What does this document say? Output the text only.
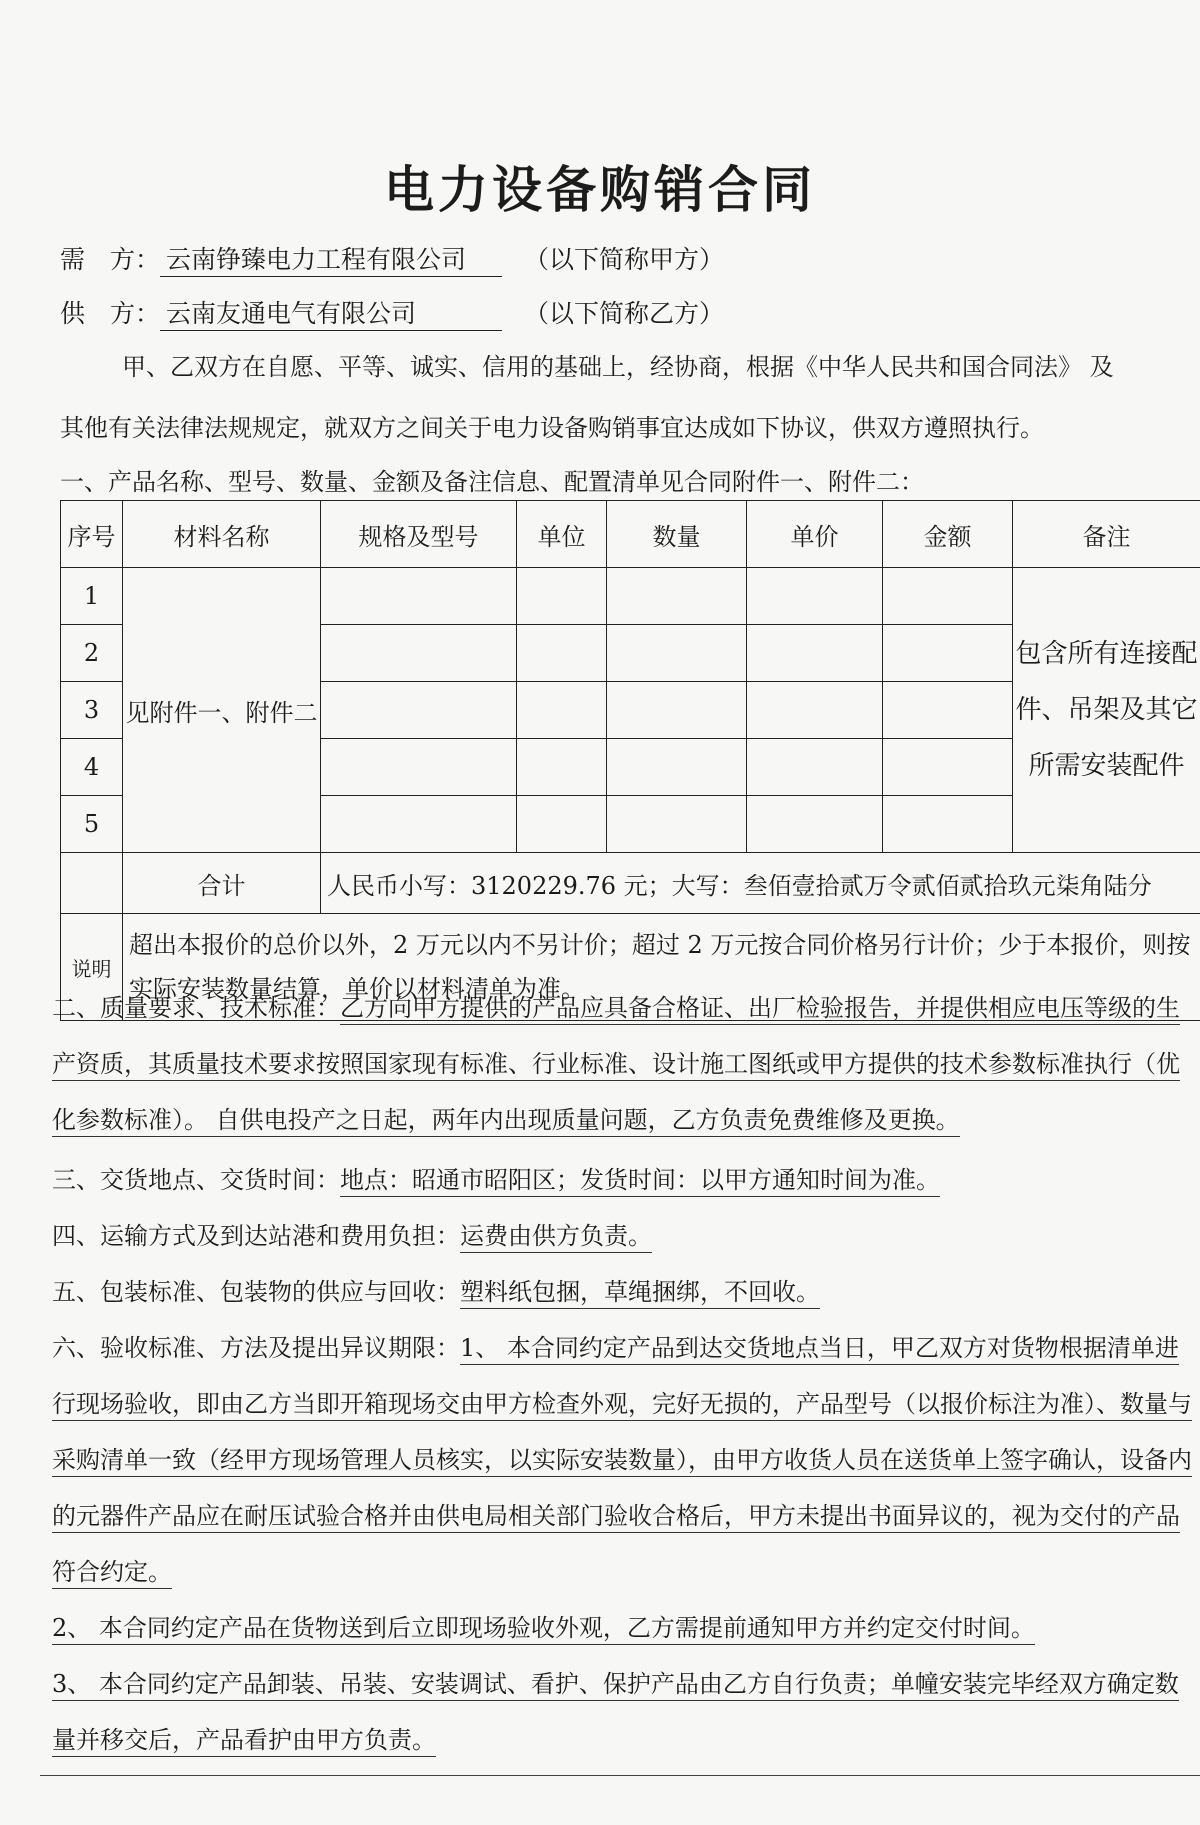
电力设备购销合同
需　方： 云南铮臻电力工程有限公司 （以下简称甲方）
供　方： 云南友通电气有限公司	（以下简称乙方）
甲、乙双方在自愿、平等、诚实、信用的基础上，经协商，根据《中华人民共和国合同法》 及
其他有关法律法规规定，就双方之间关于电力设备购销事宜达成如下协议，供双方遵照执行。
一、产品名称、型号、数量、金额及备注信息、配置清单见合同附件一、附件二：
序号	材料名称	规格及型号	单位	数量	单价	金额	备注
1	见附件一、附件二						包含所有连接配件、吊架及其它所需安装配件
2							
3							
4							
5							
	合计	人民币小写：3120229.76 元；大写：叁佰壹拾贰万令贰佰贰拾玖元柒角陆分					
说明	超出本报价的总价以外，2 万元以内不另计价；超过 2 万元按合同价格另行计价；少于本报价，则按实际安装数量结算，单价以材料清单为准。						
二、质量要求、技术标准：乙方向甲方提供的产品应具备合格证、出厂检验报告，并提供相应电压等级的生产资质，其质量技术要求按照国家现有标准、行业标准、设计施工图纸或甲方提供的技术参数标准执行（优化参数标准）。 自供电投产之日起，两年内出现质量问题，乙方负责免费维修及更换。
三、交货地点、交货时间：地点：昭通市昭阳区；发货时间：以甲方通知时间为准。
四、运输方式及到达站港和费用负担：运费由供方负责。
五、包装标准、包装物的供应与回收：塑料纸包捆，草绳捆绑，不回收。
六、验收标准、方法及提出异议期限：1、 本合同约定产品到达交货地点当日，甲乙双方对货物根据清单进行现场验收，即由乙方当即开箱现场交由甲方检查外观，完好无损的，产品型号（以报价标注为准）、数量与采购清单一致（经甲方现场管理人员核实，以实际安装数量），由甲方收货人员在送货单上签字确认，设备内的元器件产品应在耐压试验合格并由供电局相关部门验收合格后，甲方未提出书面异议的，视为交付的产品符合约定。
2、 本合同约定产品在货物送到后立即现场验收外观，乙方需提前通知甲方并约定交付时间。
3、 本合同约定产品卸装、吊装、安装调试、看护、保护产品由乙方自行负责；单幢安装完毕经双方确定数量并移交后，产品看护由甲方负责。
